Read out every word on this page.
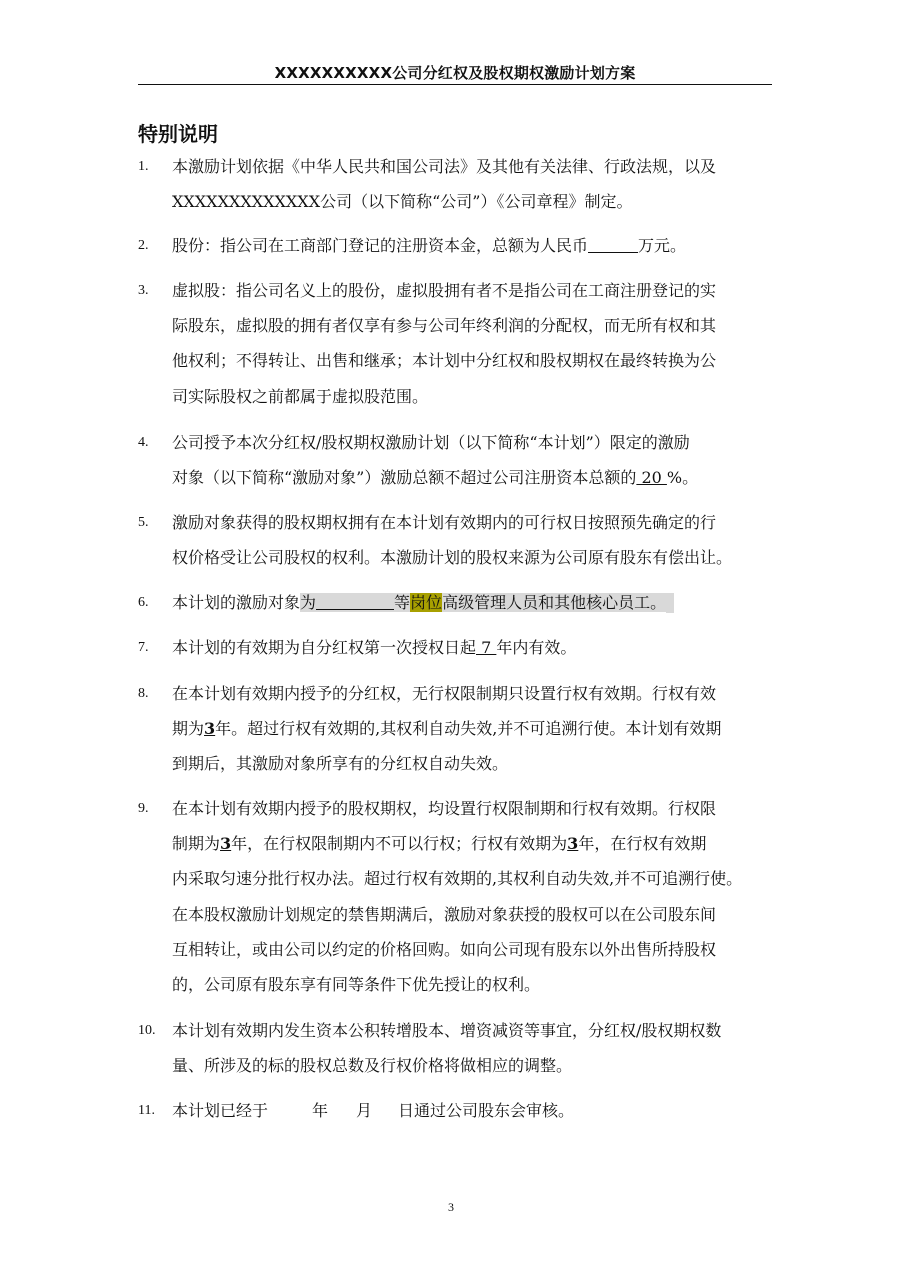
XXXXXXXXXX公司分红权及股权期权激励计划方案
特别说明
1. 本激励计划依据《中华人民共和国公司法》及其他有关法律、行政法规，以及
XXXXXXXXXXXXX公司（以下简称“公司”）《公司章程》制定。
2. 股份：指公司在工商部门登记的注册资本金，总额为人民币	万元。
3. 虚拟股：指公司名义上的股份，虚拟股拥有者不是指公司在工商注册登记的实
际股东，虚拟股的拥有者仅享有参与公司年终利润的分配权，而无所有权和其
他权利；不得转让、出售和继承；本计划中分红权和股权期权在最终转换为公
司实际股权之前都属于虚拟股范围。
4. 公司授予本次分红权/股权期权激励计划（以下简称“本计划”）限定的激励
对象（以下简称“激励对象”）激励总额不超过公司注册资本总额的 20 %。
5. 激励对象获得的股权期权拥有在本计划有效期内的可行权日按照预先确定的行
权价格受让公司股权的权利。本激励计划的股权来源为公司原有股东有偿出让。
6. 本计划的激励对象为	等岗位高级管理人员和其他核心员工。
7. 本计划的有效期为自分红权第一次授权日起 7 年内有效。
8. 在本计划有效期内授予的分红权，无行权限制期只设置行权有效期。行权有效
期为3年。超过行权有效期的,其权利自动失效,并不可追溯行使。本计划有效期
到期后，其激励对象所享有的分红权自动失效。
9. 在本计划有效期内授予的股权期权，均设置行权限制期和行权有效期。行权限
制期为3年，在行权限制期内不可以行权；行权有效期为3年，在行权有效期
内采取匀速分批行权办法。超过行权有效期的,其权利自动失效,并不可追溯行使。
在本股权激励计划规定的禁售期满后，激励对象获授的股权可以在公司股东间
互相转让，或由公司以约定的价格回购。如向公司现有股东以外出售所持股权
的，公司原有股东享有同等条件下优先授让的权利。
10. 本计划有效期内发生资本公积转增股本、增资减资等事宜，分红权/股权期权数
量、所涉及的标的股权总数及行权价格将做相应的调整。
11. 本计划已经于	年 月 日通过公司股东会审核。
3
